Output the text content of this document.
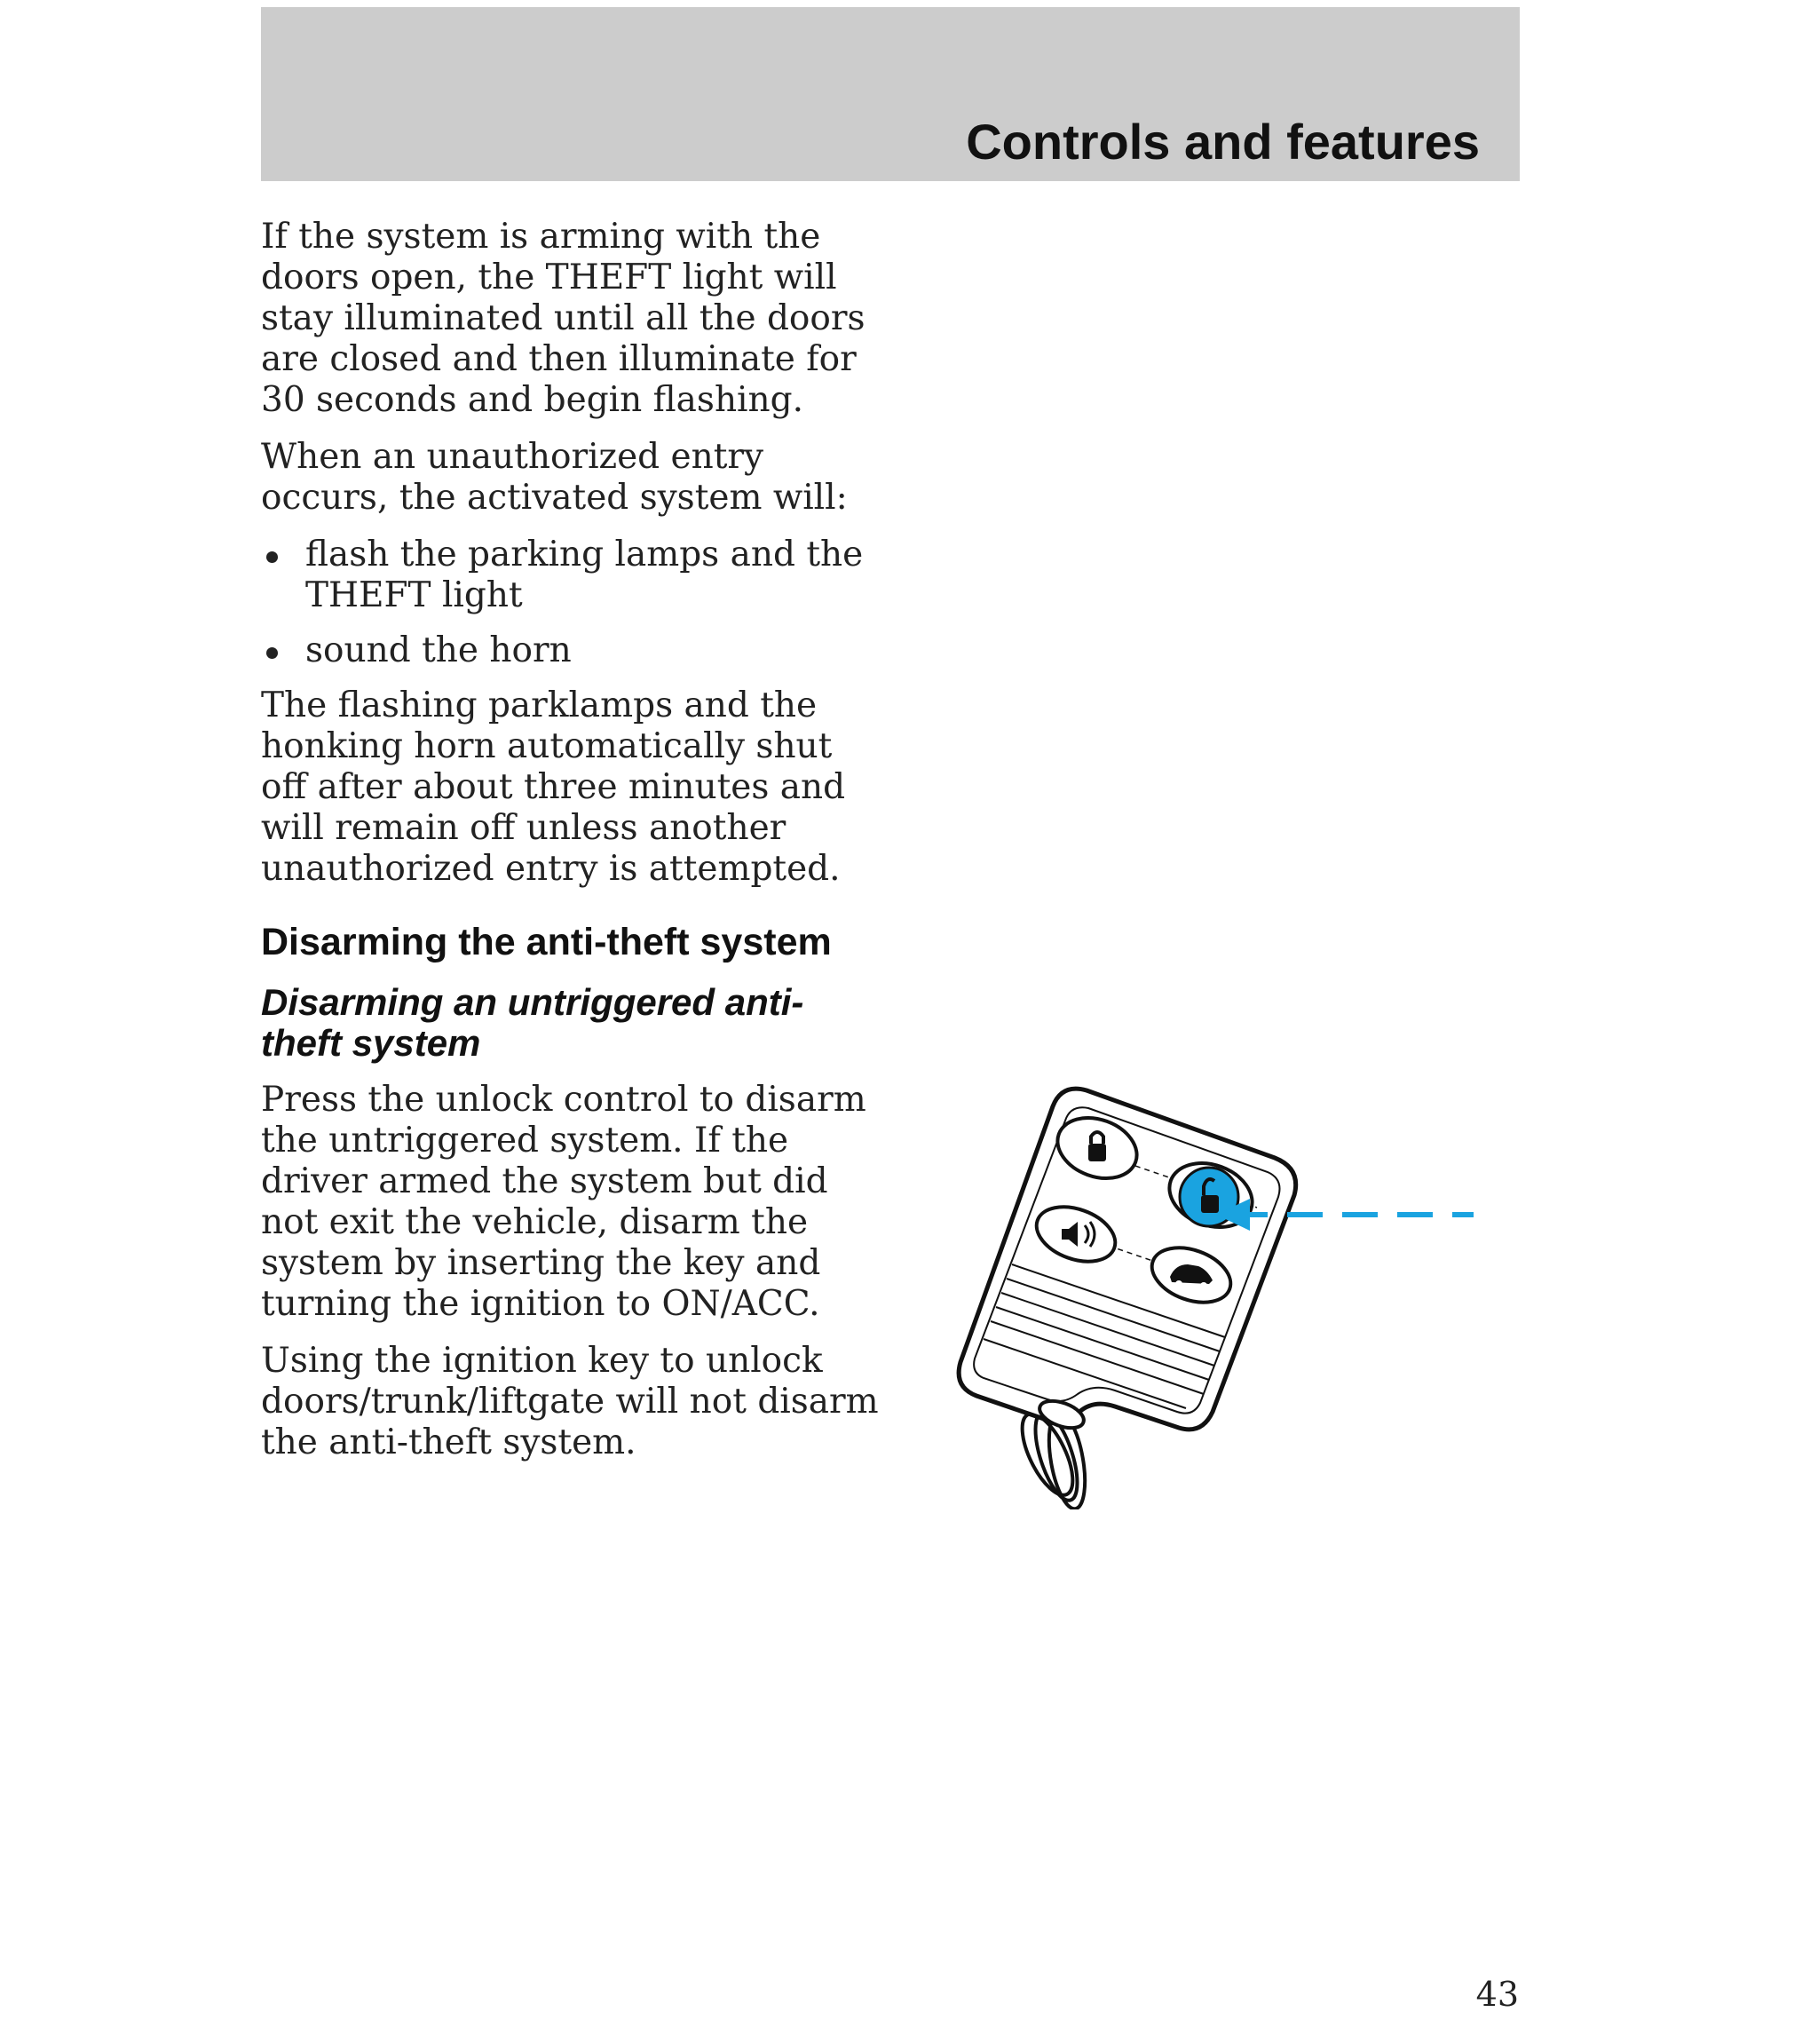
Controls and features

If the system is arming with the doors open, the THEFT light will stay illuminated until all the doors are closed and then illuminate for 30 seconds and begin flashing.

When an unauthorized entry occurs, the activated system will:

flash the parking lamps and the THEFT light
sound the horn

The flashing parklamps and the honking horn automatically shut off after about three minutes and will remain off unless another unauthorized entry is attempted.

Disarming the anti-theft system
Disarming an untriggered anti-theft system

Press the unlock control to disarm the untriggered system. If the driver armed the system but did not exit the vehicle, disarm the system by inserting the key and turning the ignition to ON/ACC.

Using the ignition key to unlock doors/trunk/liftgate will not disarm the anti-theft system.

43
